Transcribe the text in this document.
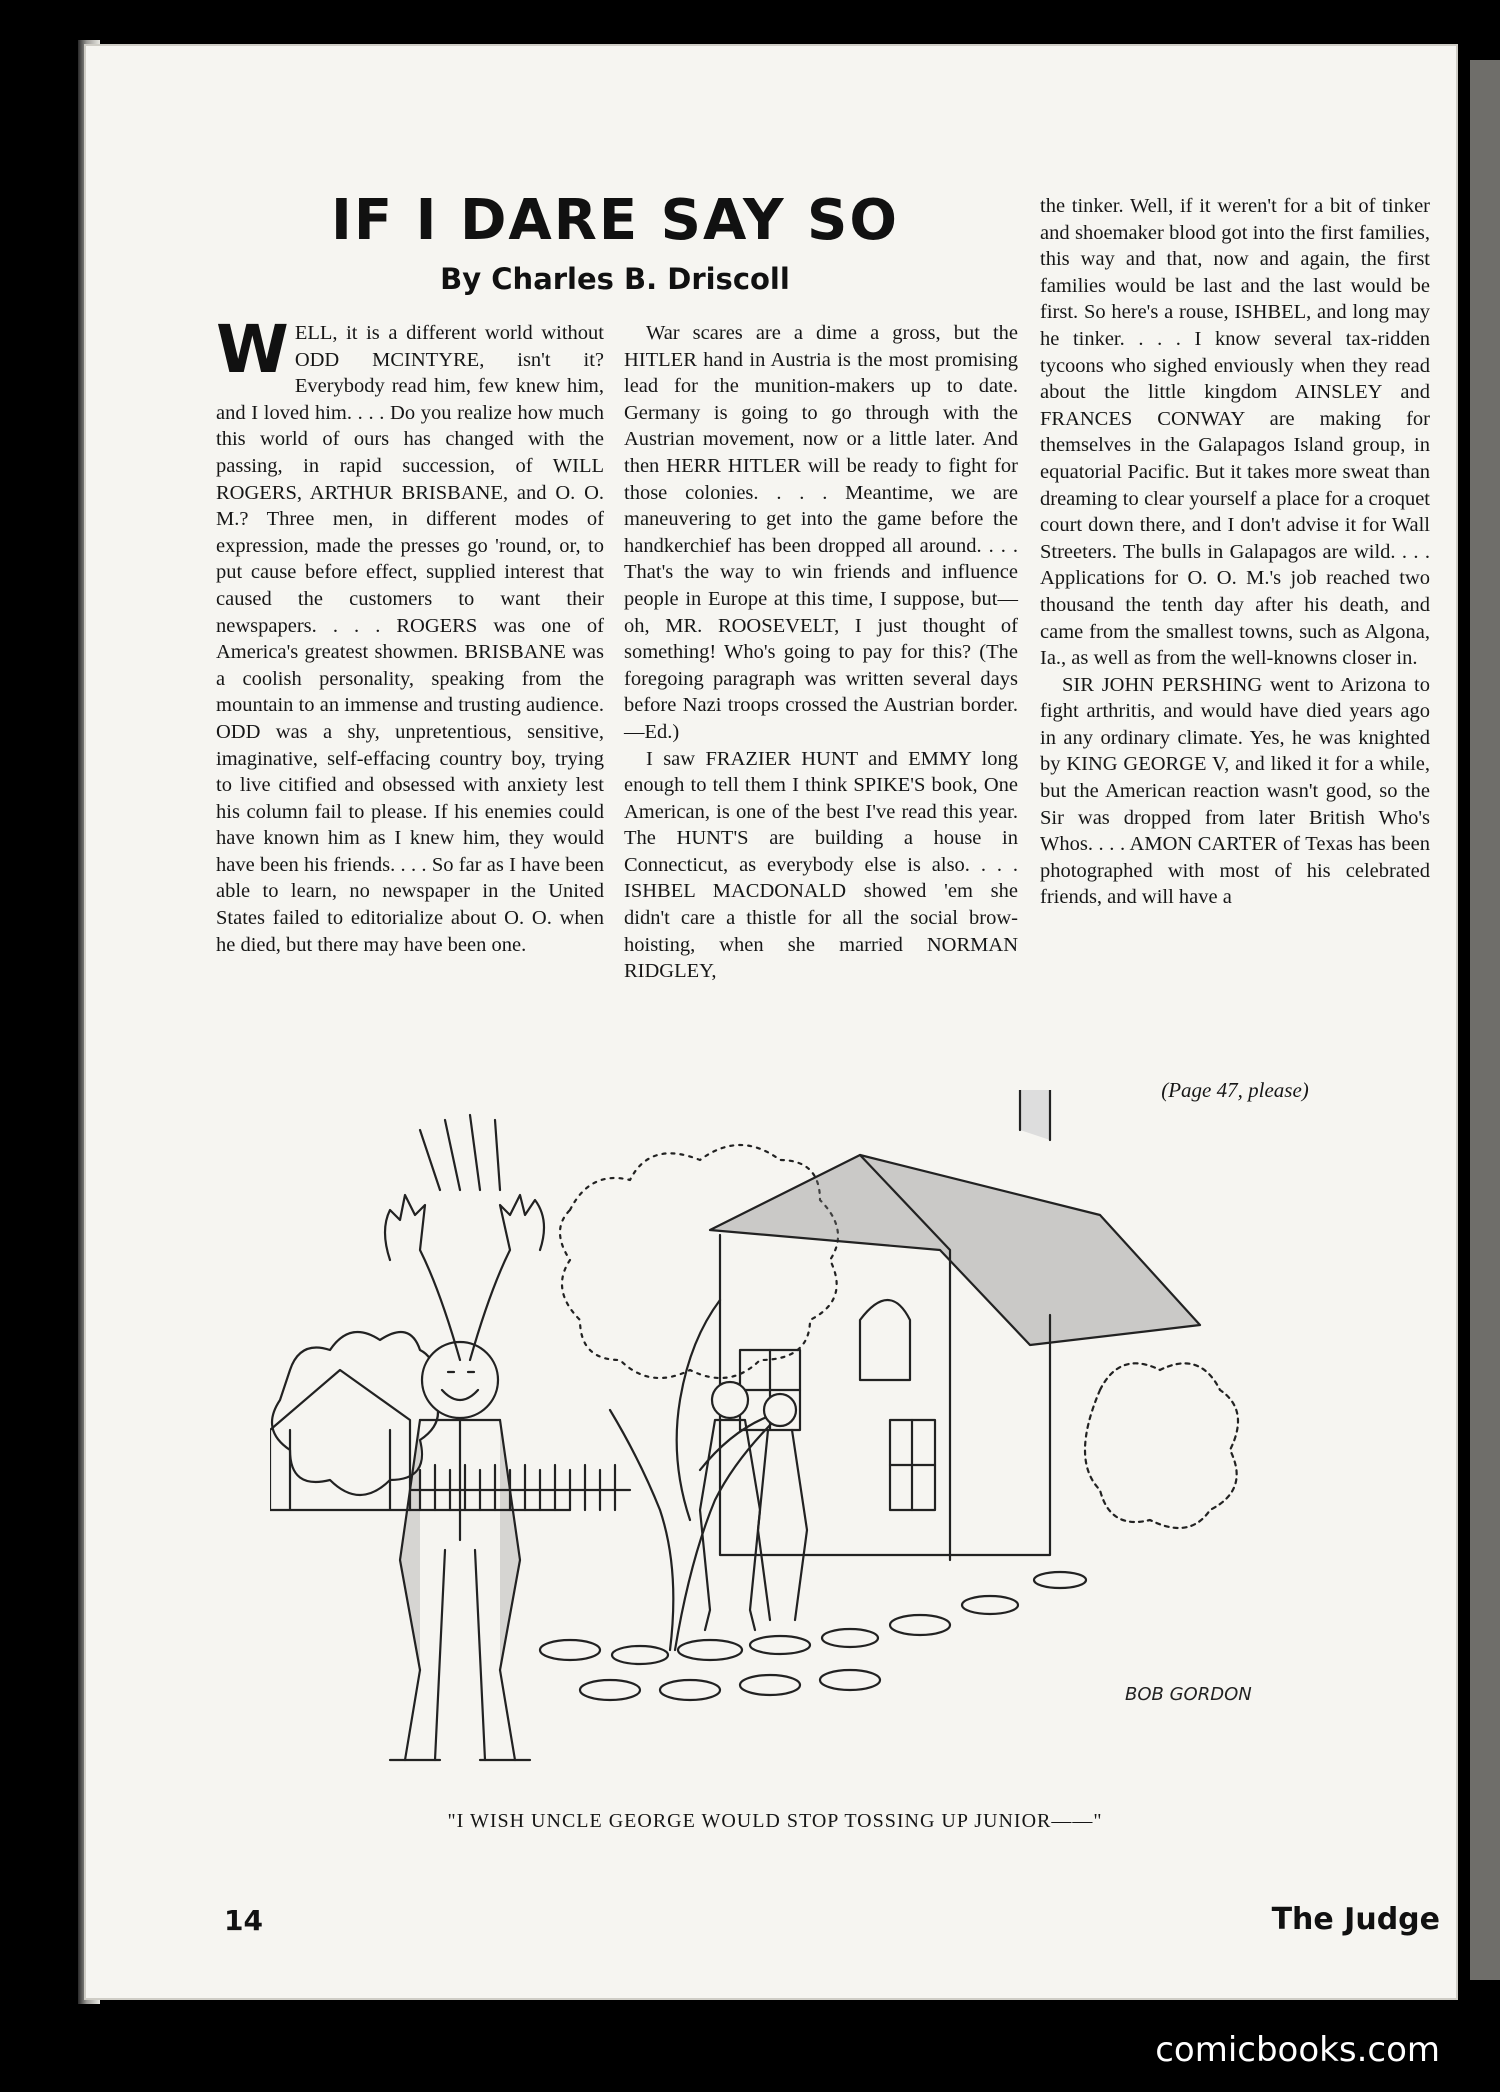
IF I DARE SAY SO
By Charles B. Driscoll

WELL, it is a different world without ODD MCINTYRE, isn't it? Everybody read him, few knew him, and I loved him. . . . Do you realize how much this world of ours has changed with the passing, in rapid succession, of WILL ROGERS, ARTHUR BRISBANE, and O. O. M.? Three men, in different modes of expression, made the presses go 'round, or, to put cause before effect, supplied interest that caused the customers to want their newspapers. . . . ROGERS was one of America's greatest showmen. BRISBANE was a coolish personality, speaking from the mountain to an immense and trusting audience. ODD was a shy, unpretentious, sensitive, imaginative, self-effacing country boy, trying to live citified and obsessed with anxiety lest his column fail to please. If his enemies could have known him as I knew him, they would have been his friends. . . . So far as I have been able to learn, no newspaper in the United States failed to editorialize about O. O. when he died, but there may have been one.

War scares are a dime a gross, but the HITLER hand in Austria is the most promising lead for the munition-makers up to date. Germany is going to go through with the Austrian movement, now or a little later. And then HERR HITLER will be ready to fight for those colonies. . . . Meantime, we are maneuvering to get into the game before the handkerchief has been dropped all around. . . . That's the way to win friends and influence people in Europe at this time, I suppose, but—oh, MR. ROOSEVELT, I just thought of something! Who's going to pay for this? (The foregoing paragraph was written several days before Nazi troops crossed the Austrian border.—Ed.)

I saw FRAZIER HUNT and EMMY long enough to tell them I think SPIKE'S book, One American, is one of the best I've read this year. The HUNT'S are building a house in Connecticut, as everybody else is also. . . . ISHBEL MACDONALD showed 'em she didn't care a thistle for all the social brow-hoisting, when she married NORMAN RIDGLEY,

the tinker. Well, if it weren't for a bit of tinker and shoemaker blood got into the first families, this way and that, now and again, the first families would be last and the last would be first. So here's a rouse, ISHBEL, and long may he tinker. . . . I know several tax-ridden tycoons who sighed enviously when they read about the little kingdom AINSLEY and FRANCES CONWAY are making for themselves in the Galapagos Island group, in equatorial Pacific. But it takes more sweat than dreaming to clear yourself a place for a croquet court down there, and I don't advise it for Wall Streeters. The bulls in Galapagos are wild. . . . Applications for O. O. M.'s job reached two thousand the tenth day after his death, and came from the smallest towns, such as Algona, Ia., as well as from the well-knowns closer in.

SIR JOHN PERSHING went to Arizona to fight arthritis, and would have died years ago in any ordinary climate. Yes, he was knighted by KING GEORGE V, and liked it for a while, but the American reaction wasn't good, so the Sir was dropped from later British Who's Whos. . . . AMON CARTER of Texas has been photographed with most of his celebrated friends, and will have a

(Page 47, please)
BOB GORDON
"I WISH UNCLE GEORGE WOULD STOP TOSSING UP JUNIOR——"
14	The Judge
comicbooks.com
